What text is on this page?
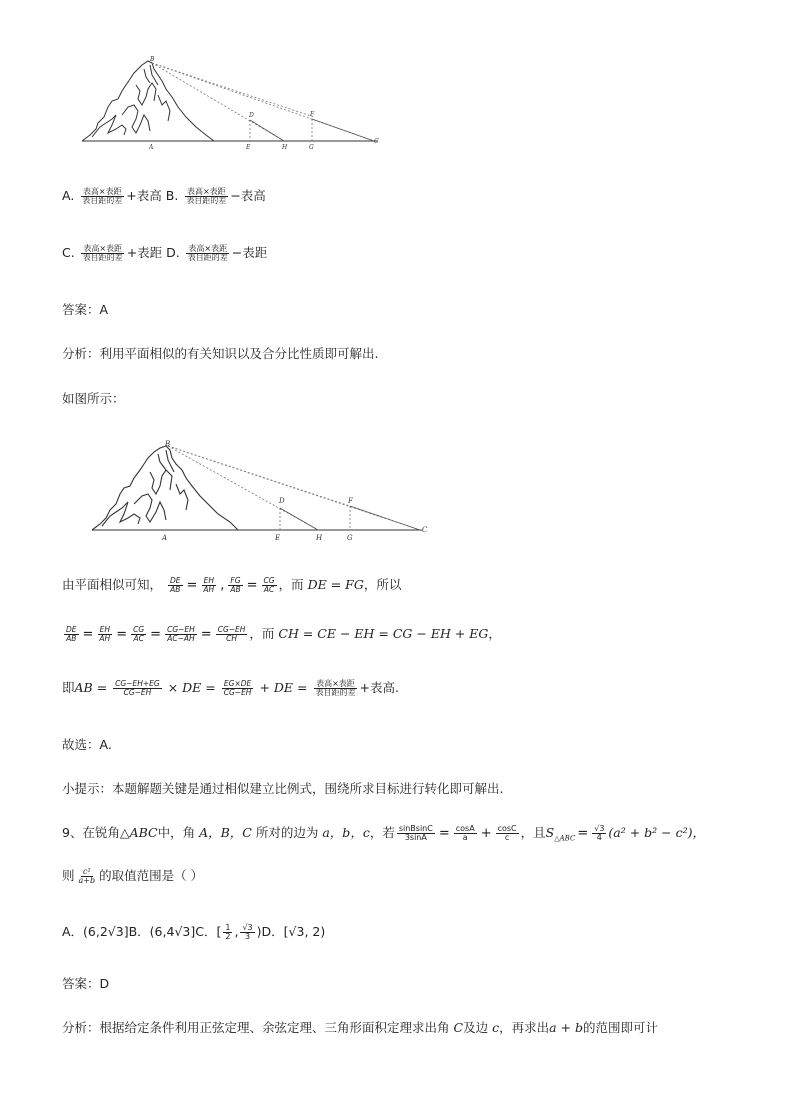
B
A
D
E	H
F
G
C
A. $\frac{\text{表高×表距}}{\text{表目距的差}}$ +表高 B. $\frac{\text{表高×表距}}{\text{表目距的差}}$ −表高
C. $\frac{\text{表高×表距}}{\text{表目距的差}}$ +表距 D. $\frac{\text{表高×表距}}{\text{表目距的差}}$ −表距
答案：A
分析：利用平面相似的有关知识以及合分比性质即可解出.
如图所示：
B
A
D
E	H
F
G
C
由平面相似可知， $\frac{DE}{AB} = \frac{EH}{AH}$ , $\frac{FG}{AB} = \frac{CG}{AC}$ ，而 DE = FG，所以
$\frac{DE}{AB} = \frac{EH}{AH} = \frac{CG}{AC} = \frac{CG-EH}{AC-AH} = \frac{CG-EH}{CH}$ ，而 CH = CE − EH = CG − EH + EG，
即AB = $\frac{CG-EH+EG}{CG-EH}$ × DE = $\frac{EG\times DE}{CG-EH}$ + DE = $\frac{\text{表高×表距}}{\text{表目距的差}}$ +表高.
故选：A.
小提示：本题解题关键是通过相似建立比例式，围绕所求目标进行转化即可解出.
9、在锐角△ABC中，角 A，B，C 所对的边为 a，b，c，若 $\frac{\text{sinBsinC}}{3\sin A} = \frac{\cos A}{a} + \frac{\cos C}{c}$ ，且$S_{\triangle ABC} = \frac{√3}{4} (a^2 + b^2 - c^2)$，
则 $\frac{\text{c²}}{a+b}$ 的取值范围是（ ）
A．(6,2√3]B．(6,4√3]C．[ $\frac{1}{2}$ , $\frac{√3}{3} )D$．[√3, 2)
答案：D
分析：根据给定条件利用正弦定理、余弦定理、三角形面积定理求出角 C及边 c，再求出a + b的范围即可计
